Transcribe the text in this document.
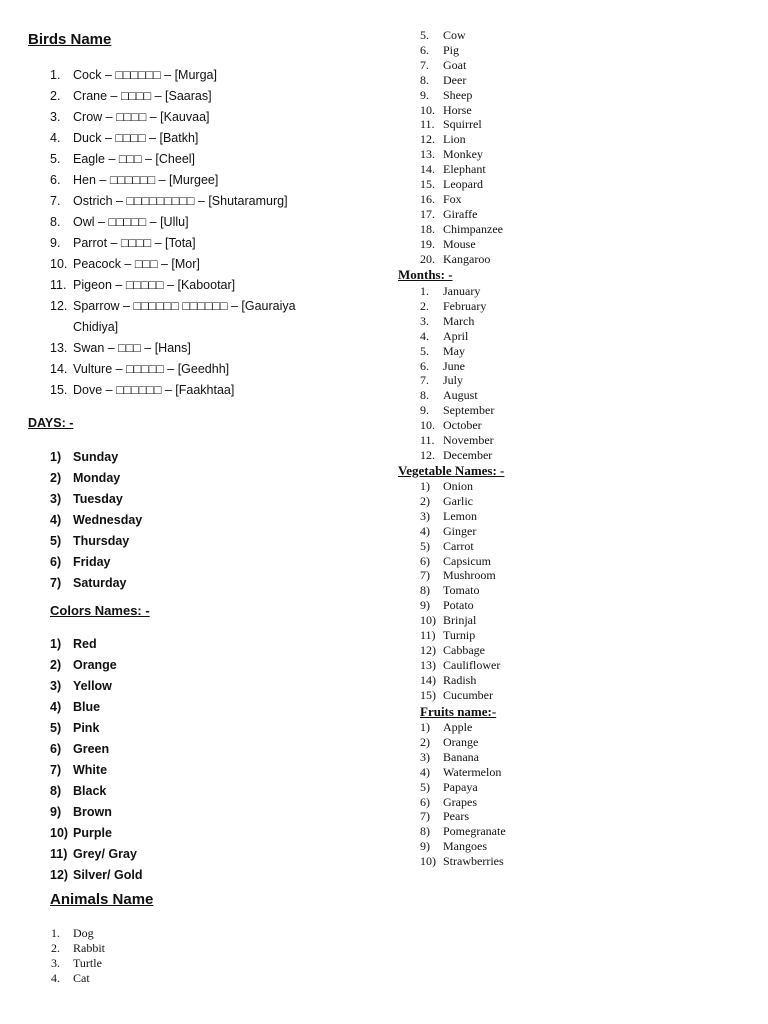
Birds Name
1.	Cock – □□□□□□ – [Murga]
2.	Crane – □□□□ – [Saaras]
3.	Crow – □□□□ – [Kauvaa]
4.	Duck – □□□□ – [Batkh]
5.	Eagle – □□□ – [Cheel]
6.	Hen – □□□□□□ – [Murgee]
7.	Ostrich – □□□□□□□□□ – [Shutaramurg]
8.	Owl – □□□□□ – [Ullu]
9.	Parrot – □□□□ – [Tota]
10. Peacock – □□□ – [Mor]
11. Pigeon – □□□□□ – [Kabootar]
12. Sparrow – □□□□□□ □□□□□□ – [Gauraiya
Chidiya]
13. Swan – □□□ – [Hans]
14. Vulture – □□□□□ – [Geedhh]
15. Dove – □□□□□□ – [Faakhtaa]
DAYS: -
1) Sunday
2) Monday
3) Tuesday
4) Wednesday
5) Thursday
6) Friday
7) Saturday
Colors Names: -
1) Red
2) Orange
3) Yellow
4) Blue
5) Pink
6) Green
7) White
8) Black
9) Brown
10) Purple
11) Grey/ Gray
12) Silver/ Gold
Animals Name
1.	Dog
2.	Rabbit
3.	Turtle
4.	Cat
5.	Cow
6.	Pig
7.	Goat
8.	Deer
9.	Sheep
10. Horse
11. Squirrel
12. Lion
13. Monkey
14. Elephant
15. Leopard
16. Fox
17. Giraffe
18. Chimpanzee
19. Mouse
20. Kangaroo
Months: -
1.	January
2.	February
3.	March
4.	April
5.	May
6.	June
7.	July
8.	August
9.	September
10. October
11. November
12. December
Vegetable Names: -
1)	Onion
2)	Garlic
3)	Lemon
4)	Ginger
5)	Carrot
6)	Capsicum
7)	Mushroom
8)	Tomato
9)	Potato
10) Brinjal
11) Turnip
12) Cabbage
13) Cauliflower
14) Radish
15) Cucumber
Fruits name:-
1)	Apple
2)	Orange
3)	Banana
4)	Watermelon
5)	Papaya
6)	Grapes
7)	Pears
8)	Pomegranate
9)	Mangoes
10) Strawberries
